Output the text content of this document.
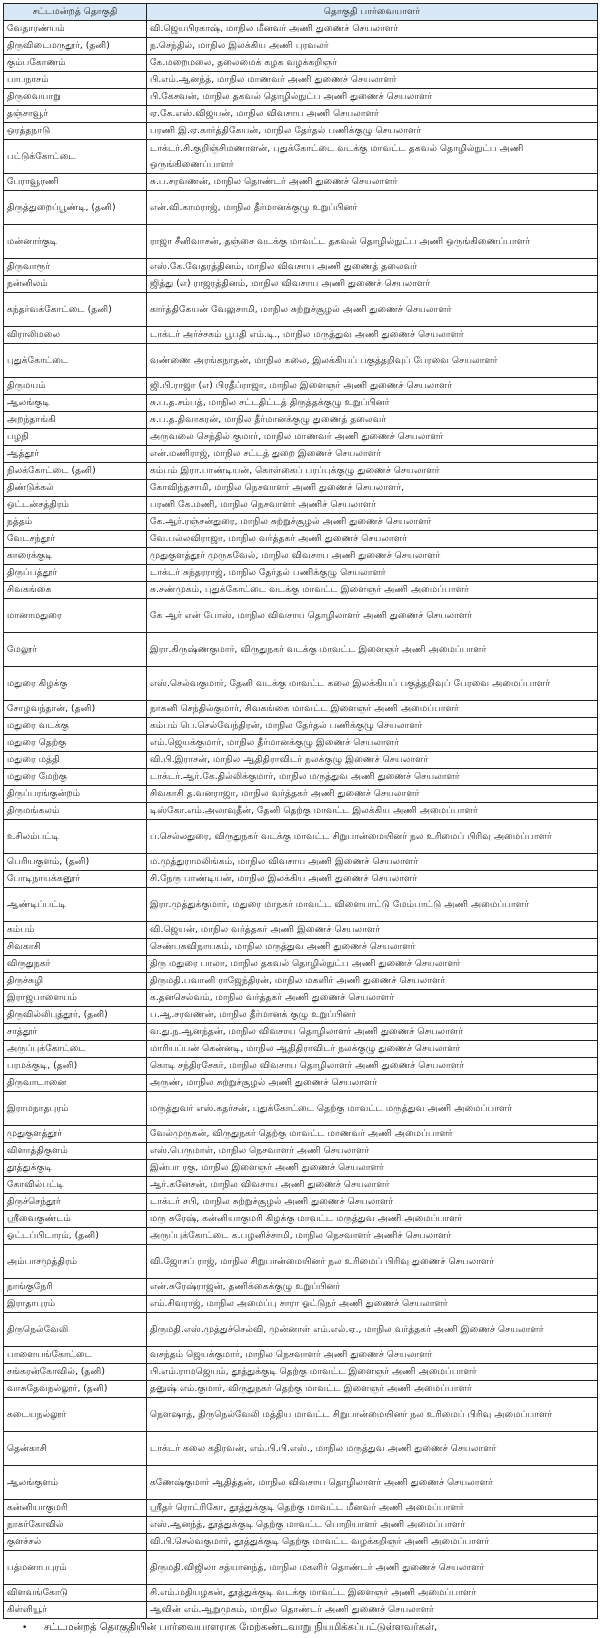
சட்டமன்றத் தொகுதி	தொகுதி பார்வையாளர்
வேதாரண்யம்	வி.ஜெயபிரகாஷ், மாநில மீனவர் அணி துணைச் செயலாளர்
திருவிடைமருதூர், (தனி)	ந.செந்தில், மாநில இலக்கிய அணி புரவலர்
கும்பகோணம்	கே.மறைமலை, தலைமைக் கழக வழக்கறிஞர்
பாபநாசம்	பி.எம்.ஆனந்த், மாநில மாணவர் அணி துணைச் செயலாளர்
திருவையாறு	பி.கேசவன், மாநில தகவல் தொழில்நுட்ப அணி துணைச் செயலாளர்
தஞ்சாவூர்	ஏ.கே.எஸ்.விஜயன், மாநில விவசாய அணி செயலாளர்
ஒரத்தநாடு	பரணி இ.ஏ.கார்த்திகேயன், மாநில தேர்தல் பணிக்குழு செயலாளர்
பட்டுக்கோட்டை	டாக்டர்.சி.குறிஞ்சிமணாளன், புதுக்கோட்டை வடக்கு மாவட்ட தகவல் தொழில்நுட்ப அணி ஒருங்கிணைப்பாளர்
பேராவூரணி	சு.ப.சரவணன், மாநில தொண்டர் அணி துணைச் செயலாளர்
திருத்துறைப்பூண்டி, (தனி)	என்.வி.காமராஜ், மாநில தீர்மானக்குழு உறுப்பினர்
மன்னார்குடி	ராஜா சீனிவாசன், தஞ்சை வடக்கு மாவட்ட தகவல் தொழில்நுட்ப அணி ஒருங்கிணைப்பாளர்
திருவாரூர்	எஸ்.கே.வேதரத்தினம், மாநில விவசாய அணி துணைத் தலைவர்
நன்னிலம்	ஜித்து (எ) ராஜரத்தினம், மாநில விவசாய அணி துணைச் செயலாளர்
கந்தர்வக்கோட்டை (தனி)	கார்த்திகேயன் வேலுசாமி, மாநில சுற்றுச்சூழல் அணி துணைச் செயலாளர்
விராலிமலை	டாக்டர் அர்ச்சகம் பூபதி எம்.டி., மாநில மருத்துவ அணி துணைச் செயலாளர்
புதுக்கோட்டை	வண்ணை அரங்கநாதன், மாநில கலை, இலக்கியப் பகுத்தறிவுப் பேரவை செயலாளர்
திருமயம்	ஜி.பி.ராஜா (எ) பிரதீப்ராஜா, மாநில இளைஞர் அணி துணைச் செயலாளர்
ஆலங்குடி	சு.ப.த.சம்பத், மாநில சட்டதிட்டத் திருத்தக்குழு உறுப்பினர்
அறந்தாங்கி	சு.ப.த.திவாகரன், மாநில தீர்மானக்குழு துணைத் தலைவர்
பழநி	அருவலை செந்தில் குமார், மாநில மாணவர் அணி துணைச் செயலாளர்
ஆத்தூர்	என்.மணிராஜ், மாநில சட்டத் துறை இணைச் செயலாளர்
நிலக்கோட்டை (தனி)	கம்பம் இரா.பாண்டியன், கொள்கைப் பரப்புக்குழு துணைச் செயலாளர்
திண்டுக்கல்	கோவிந்தசாமி, மாநில நெசவாளர் அணி துணைச் செயலாளர்,
ஒட்டன்சத்திரம்	பரணி கே.மணி, மாநில நெசவாளர் அணிச் செயலாளர்
நத்தம்	கே.ஆர்.ரஞ்சன்துரை, மாநில சுற்றுச்சூழல் அணி துணைச் செயலாளர்
வேடசந்தூர்	வே.பல்லவிராஜா, மாநில வர்த்தகர் அணி துணைச் செயலாளர்
காரைக்குடி	முதுகுளத்தூர் முருகவேல், மாநில விவசாய அணி துணைச் செயலாளர்
திருப்பத்தூர்	டாக்டர் சுந்தரராஜ், மாநில தேர்தல் பணிக்குழு செயலாளர்
சிவகங்கை	சு.சண்முகம், புதுக்கோட்டை வடக்கு மாவட்ட இளைஞர் அணி அமைப்பாளர்
மானாமதுரை	கே ஆர் என் போஸ், மாநில விவசாய தொழிலாளர் அணி துணைச் செயலாளர்
மேலூர்	இரா.கிருஷ்ணகுமார், விருதுநகர் வடக்கு மாவட்ட இளைஞர் அணி அமைப்பாளர்
மதுரை கிழக்கு	எஸ்.செல்வகுமார், தேனி வடக்கு மாவட்ட கலை இலக்கியப் பகுத்தறிவுப் பேரவை அமைப்பாளர்
சோழவந்தான், (தனி)	நாகனி செந்தில்குமார், சிவகங்கை மாவட்ட இளைஞர் அணி அமைப்பாளர்
மதுரை வடக்கு	கம்பம் பெ.செல்வேந்திரன், மாநில தேர்தல் பணிக்குழு செயலாளர்
மதுரை தெற்கு	எம்.ஜெயக்குமார், மாநில தீர்மானக்குழு இணைச் செயலாளர்
மதுரை மத்தி	வி.பி.இராசன், மாநில ஆதிதிராவிடர் நலக்குழு இணைச் செயலாளர்
மதுரை மேற்கு	டாக்டர்.ஆர்.கே.தில்லிக்குமார், மாநில மருத்துவ அணி துணைச் செயலாளர்
திருப்பரங்குன்றம்	சிவகாசி த.வனராஜா, மாநில வர்த்தகர் அணி துணைச் செயலாளர்
திருமங்கலம்	டிஸ்கோ.எம்.அலாவுதீன், தேனி தெற்கு மாவட்ட இலக்கிய அணி அமைப்பாளர்
உசிலம்பட்டி	ப.செல்லதுரை, விருதுநகர் வடக்கு மாவட்ட சிறுபான்மையினர் நல உரிமைப் பிரிவு அமைப்பாளர்
பெரியகுளம், (தனி)	ம.முத்துராமலிங்கம், மாநில விவசாய அணி இணைச் செயலாளர்
போடிநாயக்கனூர்	சி.நேரு பாண்டியன், மாநில இலக்கிய அணி துணைச் செயலாளர்
ஆண்டிப்பட்டி	இரா.முத்துக்குமார், மதுரை மாநகர் மாவட்ட விளையாட்டு மேம்பாட்டு அணி அமைப்பாளர்
கம்பம்	வி.ஜெயன், மாநில வர்த்தகர் அணி இணைச் செயலாளர்
சிவகாசி	செண்பகவிநாயகம், மாநில மருத்துவ அணி துணைச் செயலாளர்
விருதுநகர்	திரு மதுரை பாலா, மாநில தகவல் தொழில்நுட்ப அணி துணைச் செயலாளர்
திருச்சுழி	திருமதி.பவானி ராஜேந்திரன், மாநில மகளிர் அணி துணைச் செயலாளர்
இராஜபாளையம்	க.தனசெல்வம், மாநில வர்த்தகர் அணி துணைச் செயலாளர்
திருவில்லிபுத்தூர், (தனி)	ப.ஆ.சரவணன், மாநில தீர்மானக் குழு உறுப்பினர்
சாத்தூர்	வ.து.ந.ஆனந்தன், மாநில விவசாய தொழிலாளர் அணி துணைச் செயலாளர்
அருப்புக்கோட்டை	மாரியப்பன் கென்னடி, மாநில ஆதிதிராவிடர் நலக்குழு துணைச் செயலாளர்
பரமக்குடி, (தனி)	கொடி சந்திரசேகர், மாநில விவசாய தொழிலாளர் அணி துணைச் செயலாளர்
திருவாடானை	அருண், மாநில சுற்றுச்சூழல் அணி துணைச் செயலாளர்
இராமநாதபுரம்	மருத்துவர் எஸ்.கதர்சன், புதுக்கோட்டை தெற்கு மாவட்ட மருத்துவ அணி அமைப்பாளர்
முதுகுளத்தூர்	வேல்முருகன், விருதுநகர் தெற்கு மாவட்ட மாணவர் அணி அமைப்பாளர்
விளாத்திகுளம்	எஸ்.பெருமாள், மாநில நெசவாளர் அணி செயலாளர்
தூத்துக்குடி	இன்பா ரகு, மாநில இளைஞர் அணி துணைச் செயலாளர்
கோவில்பட்டி	ஆர்.கனேசன், மாநில விவசாய அணி துணைச் செயலாளர்
திருச்செந்தூர்	டாக்டர் சபி, மாநில சுற்றுச்சூழல் அணி துணைச் செயலாளர்
ஸ்ரீவைகுண்டம்	மரு சுரேஷ், கன்னியாகுமரி கிழக்கு மாவட்ட மருத்துவ அணி அமைப்பாளர்
ஓட்டப்பிடாரம், (தனி)	அருப்புக்கோட்டை க.பழனிச்சாமி, மாநில நெசவாளர் அணிச் செயலாளர்
அம்பாசமுத்திரம்	வி.ஜோசப் ராஜ், மாநில சிறுபான்மையினர் நல உரிமைப் பிரிவு துணைச் செயலாளர்
நாங்குநேரி	என்.சுரேஷ்ராஜன், தணிக்கைக்குழு உறுப்பினர்
இராதாபுரம்	எம்.சிவராஜ், மாநில அமைப்பு சாரா ஓட்டுநர் அணி துணைச் செயலாளர்
திருநெல்வேலி	திருமதி.எஸ்.முத்துச்செல்வி, முன்னாள் எம்.எல்.ஏ., மாநில வர்த்தகர் அணி இணைச் செயலாளர்
பாளையங்கோட்டை	வசந்தம் ஜெயக்குமார், மாநில நெசவாளர் அணி துணைச் செயலாளர்
சங்கரன்கோவில், (தனி)	பி.எம்.ராமஜெயம், தூத்துக்குடி தெற்கு மாவட்ட இளைஞர் அணி அமைப்பாளர்
வாசுதேவநல்லூர், (தனி)	தனுஷ் எம்.குமார், விருதுநகர் தெற்கு மாவட்ட இளைஞர் அணி அமைப்பாளர்
கடையநல்லூர்	நௌஷாத், திருநெல்வேலி மத்திய மாவட்ட சிறுபான்மையினர் நல உரிமைப் பிரிவு அமைப்பாளர்
தென்காசி	டாக்டர் கலை கதிரவன், எம்.பி.பி.எஸ்., மாநில மருத்துவ அணி துணைச் செயலாளர்
ஆலங்குளம்	கணேஷ்குமார் ஆதித்தன், மாநில விவசாய தொழிலாளர் அணி துணைச் செயலாளர்
கன்னியாகுமரி	ஸ்ரீதர் ரொட்ரிகோ, தூத்துக்குடி தெற்கு மாவட்ட மீனவர் அணி அமைப்பாளர்
நாகர்கோவில்	எஸ்.ஆனந்த், தூத்துக்குடி தெற்கு மாவட்ட பொறியாளர் அணி அமைப்பாளர்
குளச்சல்	வி.பி.செல்வகுமார், தூத்துக்குடி தெற்கு மாவட்ட வழக்கறிஞர் அணி அமைப்பாளர்
பத்மனாபபுரம்	திருமதி.விஜிலா சத்யானந்த், மாநில மகளிர் தொண்டர் அணி துணைச் செயலாளர்
விளவங்கோடு	சி.எம்.மதியழகன், தூத்துக்குடி வடக்கு மாவட்ட இளைஞர் அணி அமைப்பாளர்
கிள்ளியூர்	ஆவின் எம்.ஆறுமுகம், மாநில தொண்டர் அணி துணைச் செயலாளர்
• சட்டமன்றத் தொகுதியின் பார்வையாளராக மேற்கண்டவாறு நியமிக்கப்பட்டுள்ளவர்கள்,
